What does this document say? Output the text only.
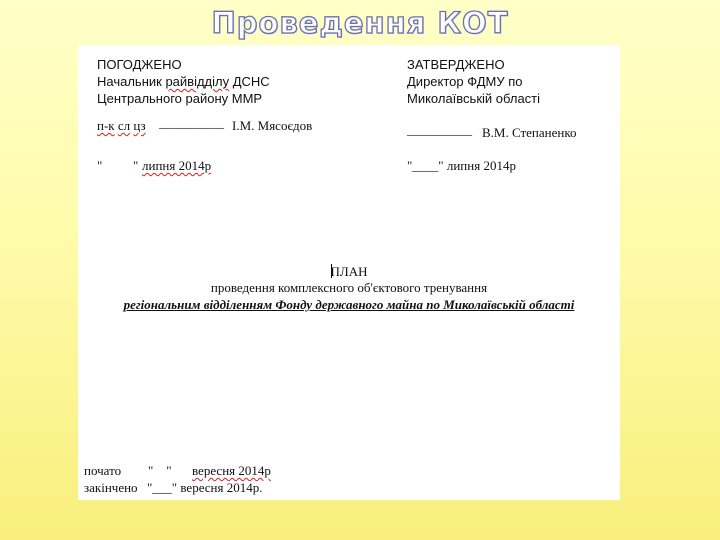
Проведення КОТ
ПОГОДЖЕНО
Начальник райвідділу ДСНС
Центрального району ММР
п-к сл цз __________ І.М. Мясоєдов
" " липня 2014р
ЗАТВЕРДЖЕНО
Директор ФДМУ по
Миколаївській області
__________ В.М. Степаненко
"____" липня 2014р
ПЛАН
проведення комплексного об'єктового тренування
регіональним відділенням Фонду державного майна по Миколаївській області
почато "    " вересня 2014р
закінчено "___" вересня 2014р.
